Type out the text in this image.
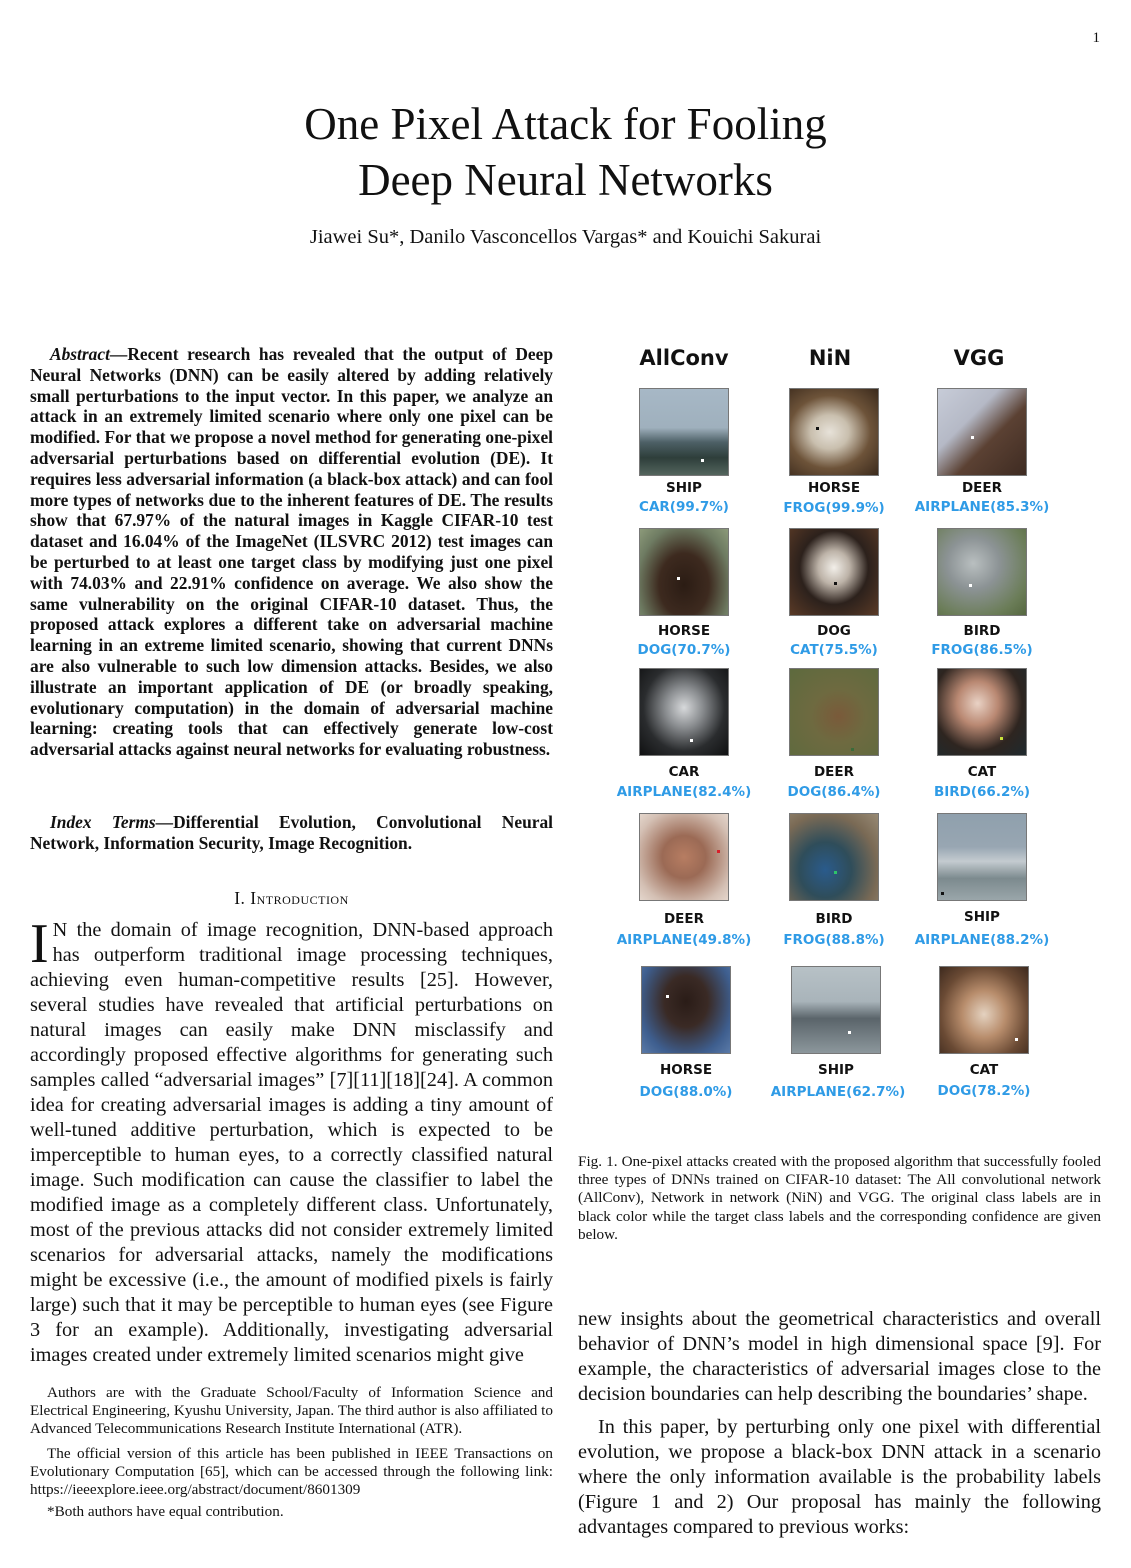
1
One Pixel Attack for Fooling
Deep Neural Networks
Jiawei Su*, Danilo Vasconcellos Vargas* and Kouichi Sakurai

Abstract—Recent research has revealed that the output of Deep Neural Networks (DNN) can be easily altered by adding relatively small perturbations to the input vector. In this paper, we analyze an attack in an extremely limited scenario where only one pixel can be modified. For that we propose a novel method for generating one-pixel adversarial perturbations based on differential evolution (DE). It requires less adversarial information (a black-box attack) and can fool more types of networks due to the inherent features of DE. The results show that 67.97% of the natural images in Kaggle CIFAR-10 test dataset and 16.04% of the ImageNet (ILSVRC 2012) test images can be perturbed to at least one target class by modifying just one pixel with 74.03% and 22.91% confidence on average. We also show the same vulnerability on the original CIFAR-10 dataset. Thus, the proposed attack explores a different take on adversarial machine learning in an extreme limited scenario, showing that current DNNs are also vulnerable to such low dimension attacks. Besides, we also illustrate an important application of DE (or broadly speaking, evolutionary computation) in the domain of adversarial machine learning: creating tools that can effectively generate low-cost adversarial attacks against neural networks for evaluating robustness.

Index Terms—Differential Evolution, Convolutional Neural Network, Information Security, Image Recognition.

I. Introduction

I N the domain of image recognition, DNN-based approach has outperform traditional image processing techniques, achieving even human-competitive results [25]. However, several studies have revealed that artificial perturbations on natural images can easily make DNN misclassify and accordingly proposed effective algorithms for generating such samples called “adversarial images” [7][11][18][24]. A common idea for creating adversarial images is adding a tiny amount of well-tuned additive perturbation, which is expected to be imperceptible to human eyes, to a correctly classified natural image. Such modification can cause the classifier to label the modified image as a completely different class. Unfortunately, most of the previous attacks did not consider extremely limited scenarios for adversarial attacks, namely the modifications might be excessive (i.e., the amount of modified pixels is fairly large) such that it may be perceptible to human eyes (see Figure 3 for an example). Additionally, investigating adversarial images created under extremely limited scenarios might give

Authors are with the Graduate School/Faculty of Information Science and Electrical Engineering, Kyushu University, Japan. The third author is also affiliated to Advanced Telecommunications Research Institute International (ATR).

The official version of this article has been published in IEEE Transactions on Evolutionary Computation [65], which can be accessed through the following link: https://ieeexplore.ieee.org/abstract/document/8601309

*Both authors have equal contribution.

AllConv	NiN	VGG
SHIP
CAR(99.7%)
HORSE
FROG(99.9%)
DEER
AIRPLANE(85.3%)
HORSE
DOG(70.7%)
DOG
CAT(75.5%)
BIRD
FROG(86.5%)
CAR
AIRPLANE(82.4%)
DEER
DOG(86.4%)
CAT
BIRD(66.2%)
DEER
AIRPLANE(49.8%)
BIRD
FROG(88.8%)
SHIP
AIRPLANE(88.2%)
HORSE
DOG(88.0%)
SHIP
AIRPLANE(62.7%)
CAT
DOG(78.2%)

Fig. 1. One-pixel attacks created with the proposed algorithm that successfully fooled three types of DNNs trained on CIFAR-10 dataset: The All convolutional network (AllConv), Network in network (NiN) and VGG. The original class labels are in black color while the target class labels and the corresponding confidence are given below.

new insights about the geometrical characteristics and overall behavior of DNN’s model in high dimensional space [9]. For example, the characteristics of adversarial images close to the decision boundaries can help describing the boundaries’ shape.

In this paper, by perturbing only one pixel with differential evolution, we propose a black-box DNN attack in a scenario where the only information available is the probability labels (Figure 1 and 2) Our proposal has mainly the following advantages compared to previous works:
